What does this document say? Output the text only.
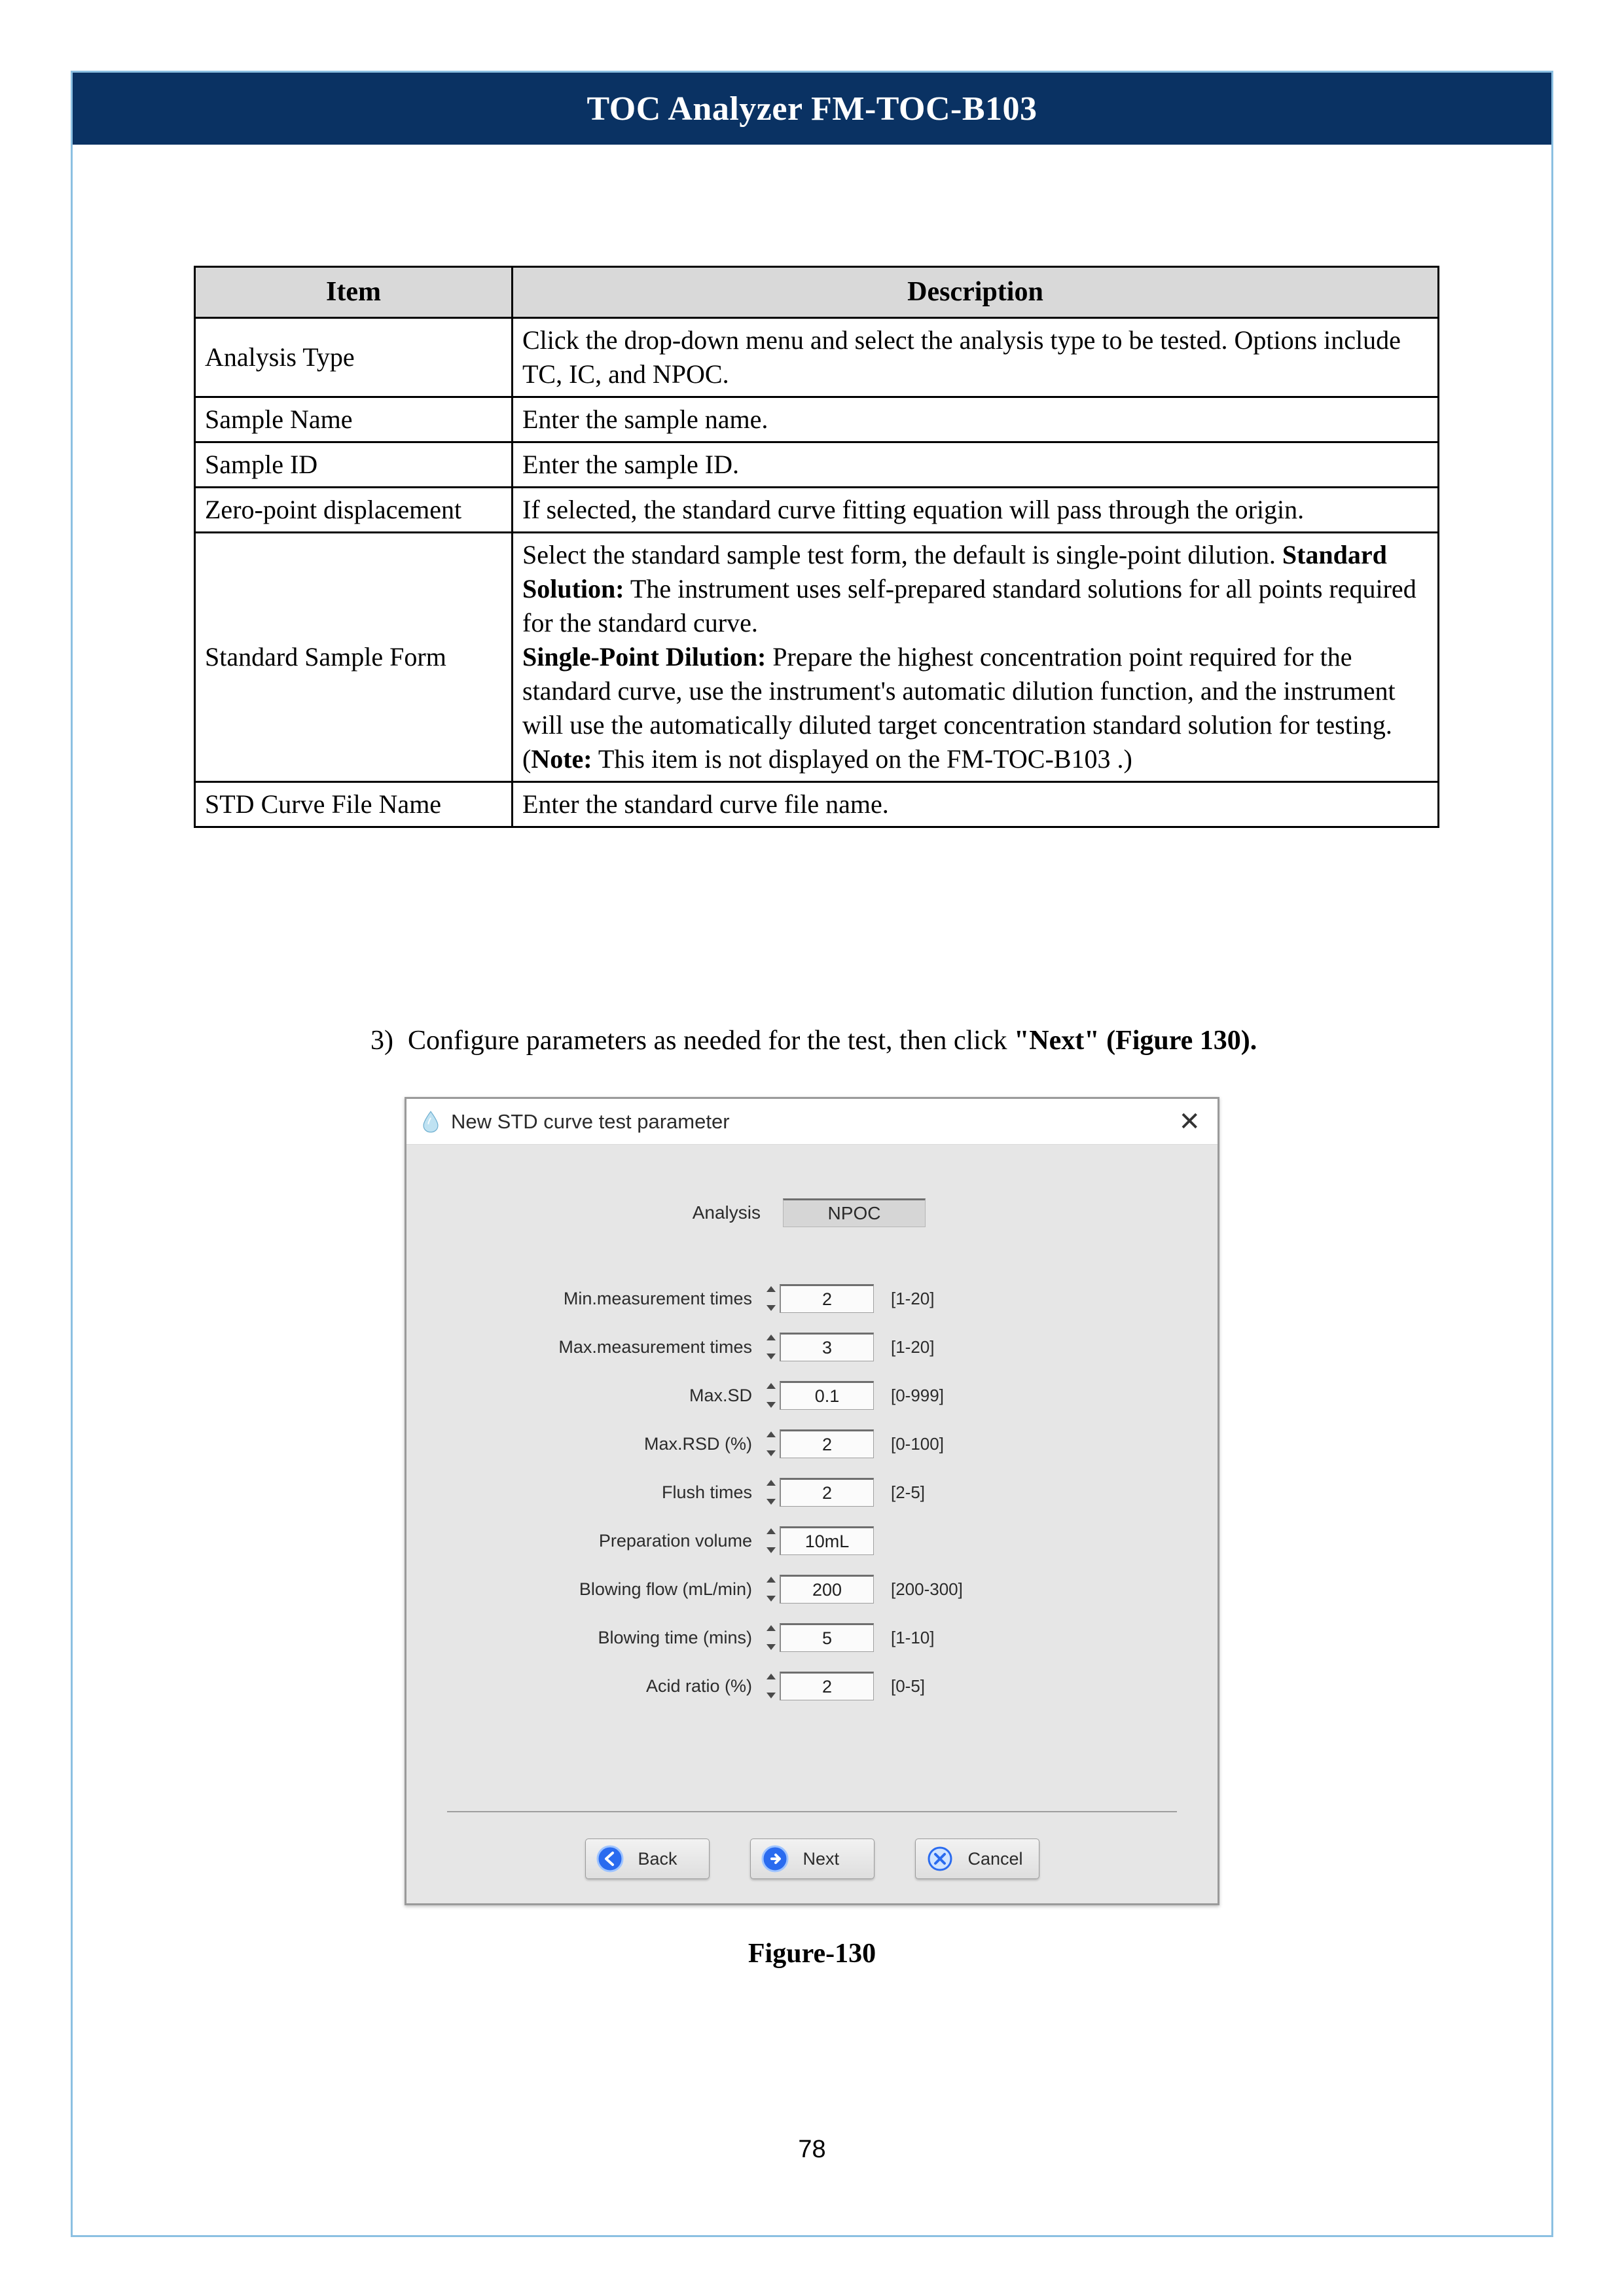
TOC Analyzer FM-TOC-B103
Item	Description
Analysis Type	Click the drop-down menu and select the analysis type to be tested. Options include TC, IC, and NPOC.
Sample Name	Enter the sample name.
Sample ID	Enter the sample ID.
Zero-point displacement	If selected, the standard curve fitting equation will pass through the origin.
Standard Sample Form	Select the standard sample test form, the default is single-point dilution. Standard Solution: The instrument uses self-prepared standard solutions for all points required for the standard curve.
Single-Point Dilution: Prepare the highest concentration point required for the standard curve, use the instrument's automatic dilution function, and the instrument will use the automatically diluted target concentration standard solution for testing.
(Note: This item is not displayed on the FM-TOC-B103 .)
STD Curve File Name	Enter the standard curve file name.
3) Configure parameters as needed for the test, then click "Next" (Figure 130).
New STD curve test parameter	✕
Analysis	NPOC
Min.measurement times	2	[1-20]
Max.measurement times	3	[1-20]
Max.SD	0.1	[0-999]
Max.RSD (%)	2	[0-100]
Flush times	2	[2-5]
Preparation volume	10mL
Blowing flow (mL/min)	200	[200-300]
Blowing time (mins)	5	[1-10]
Acid ratio (%)	2	[0-5]
Back	Next	Cancel
Figure-130
78
